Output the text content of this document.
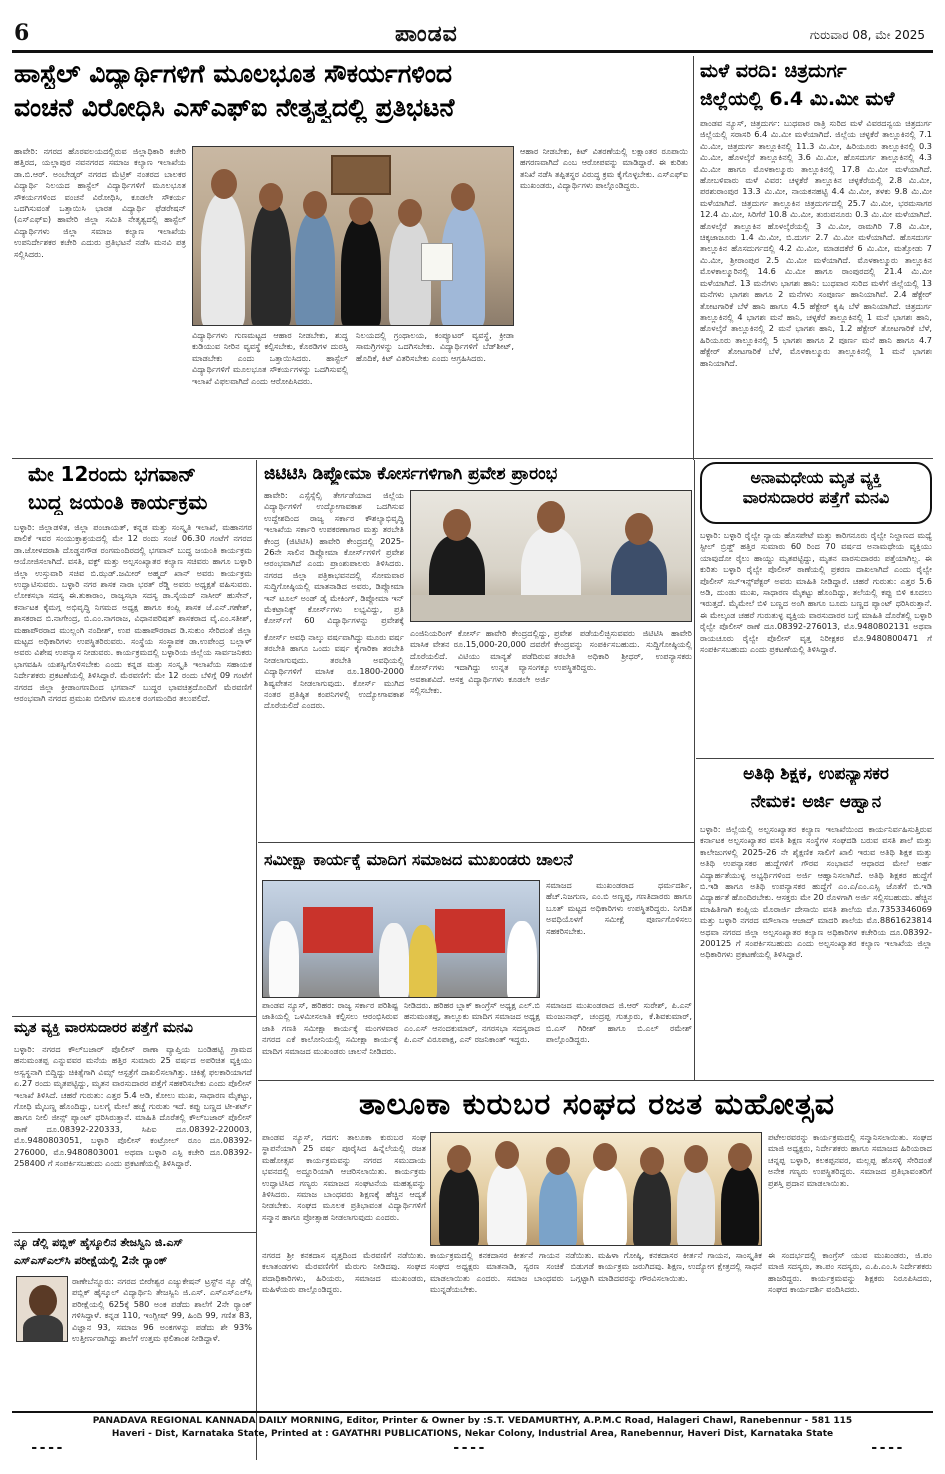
6	ಪಾಂಡವ	ಗುರುವಾರ 08, ಮೇ 2025
ಹಾಸ್ಟೆಲ್ ವಿದ್ಯಾರ್ಥಿಗಳಿಗೆ ಮೂಲಭೂತ ಸೌಕರ್ಯಗಳಿಂದ
ವಂಚನೆ ವಿರೋಧಿಸಿ ಎಸ್‌ಎಫ್‌ಐ ನೇತೃತ್ವದಲ್ಲಿ ಪ್ರತಿಭಟನೆ
ಹಾವೇರಿ: ನಗರದ ಹೊರವಲಯದಲ್ಲಿರುವ ಜಿಲ್ಲಾಧಿಕಾರಿ ಕಚೇರಿ ಹತ್ತಿರದ, ಯಲ್ಲಾಪುರ ನವನಗರದ ಸಮಾಜ ಕಲ್ಯಾಣ ಇಲಾಖೆಯ ಡಾ.ಬಿ.ಆರ್. ಅಂಬೇಡ್ಕರ್ ನಗರದ ಮೆಟ್ರಿಕ್ ನಂತರದ ಬಾಲಕರ ವಿದ್ಯಾರ್ಥಿ ನಿಲಯದ ಹಾಸ್ಟೆಲ್ ವಿದ್ಯಾರ್ಥಿಗಳಿಗೆ ಮೂಲಭೂತ ಸೌಕರ್ಯಗಳಿಂದ ವಂಚನೆ ವಿರೋಧಿಸಿ, ಕೂಡಲೇ ಸೌಕರ್ಯ ಒದಗಿಸುವಂತೆ ಒತ್ತಾಯಿಸಿ ಭಾರತ ವಿದ್ಯಾರ್ಥಿ ಫೆಡರೇಷನ್ (ಎಸ್‌ಎಫ್‌ಐ) ಹಾವೇರಿ ಜಿಲ್ಲಾ ಸಮಿತಿ ನೇತೃತ್ವದಲ್ಲಿ ಹಾಸ್ಟೆಲ್ ವಿದ್ಯಾರ್ಥಿಗಳು ಜಿಲ್ಲಾ ಸಮಾಜ ಕಲ್ಯಾಣ ಇಲಾಖೆಯ ಉಪನಿರ್ದೇಶಕರ ಕಚೇರಿ ಎದುರು ಪ್ರತಿಭಟನೆ ನಡೆಸಿ ಮನವಿ ಪತ್ರ ಸಲ್ಲಿಸಿದರು.
ಆಹಾರ ನೀಡಬೇಕು, ಕಿಟ್ ವಿತರಣೆಯಲ್ಲಿ ಲಕ್ಷಾಂತರ ರೂಪಾಯಿ ಹಗರಣವಾಗಿದೆ ಎಂಬ ಆರೋಪವನ್ನು ಮಾಡಿದ್ದಾರೆ. ಈ ಕುರಿತು ತನಿಖೆ ನಡೆಸಿ ತಪ್ಪಿತಸ್ಥರ ವಿರುದ್ಧ ಕ್ರಮ ಕೈಗೊಳ್ಳಬೇಕು. ಎಸ್‌ಎಫ್‌ಐ ಮುಖಂಡರು, ವಿದ್ಯಾರ್ಥಿಗಳು ಪಾಲ್ಗೊಂಡಿದ್ದರು.
ವಿದ್ಯಾರ್ಥಿಗಳು ಗುಣಮಟ್ಟದ ಆಹಾರ ನೀಡಬೇಕು, ಶುದ್ಧ ಕುಡಿಯುವ ನೀರಿನ ವ್ಯವಸ್ಥೆ ಕಲ್ಪಿಸಬೇಕು, ಕೊಠಡಿಗಳ ದುರಸ್ತಿ ಮಾಡಬೇಕು ಎಂದು ಒತ್ತಾಯಿಸಿದರು. ಹಾಸ್ಟೆಲ್ ವಿದ್ಯಾರ್ಥಿಗಳಿಗೆ ಮೂಲಭೂತ ಸೌಕರ್ಯಗಳನ್ನು ಒದಗಿಸುವಲ್ಲಿ ಇಲಾಖೆ ವಿಫಲವಾಗಿದೆ ಎಂದು ಆರೋಪಿಸಿದರು.
ನಿಲಯದಲ್ಲಿ ಗ್ರಂಥಾಲಯ, ಕಂಪ್ಯೂಟರ್ ವ್ಯವಸ್ಥೆ, ಕ್ರೀಡಾ ಸಾಮಗ್ರಿಗಳನ್ನು ಒದಗಿಸಬೇಕು. ವಿದ್ಯಾರ್ಥಿಗಳಿಗೆ ಬೆಡ್‌ಶೀಟ್, ಹೊದಿಕೆ, ಕಿಟ್ ವಿತರಿಸಬೇಕು ಎಂದು ಆಗ್ರಹಿಸಿದರು.
ಮಳೆ ವರದಿ: ಚಿತ್ರದುರ್ಗ
ಜಿಲ್ಲೆಯಲ್ಲಿ 6.4 ಮಿ.ಮೀ ಮಳೆ
ಪಾಂಡವ ನ್ಯೂಸ್, ಚಿತ್ರದುರ್ಗ: ಬುಧವಾರ ರಾತ್ರಿ ಸುರಿದ ಮಳೆ ವಿವರದನ್ವಯ ಚಿತ್ರದುರ್ಗ ಜಿಲ್ಲೆಯಲ್ಲಿ ಸರಾಸರಿ 6.4 ಮಿ.ಮೀ ಮಳೆಯಾಗಿದೆ. ಜಿಲ್ಲೆಯ ಚಳ್ಳಕೆರೆ ತಾಲ್ಲೂಕಿನಲ್ಲಿ 7.1 ಮಿ.ಮೀ, ಚಿತ್ರದುರ್ಗ ತಾಲ್ಲೂಕಿನಲ್ಲಿ 11.3 ಮಿ.ಮೀ, ಹಿರಿಯೂರು ತಾಲ್ಲೂಕಿನಲ್ಲಿ 0.3 ಮಿ.ಮೀ, ಹೊಳಲ್ಕೆರೆ ತಾಲ್ಲೂಕಿನಲ್ಲಿ 3.6 ಮಿ.ಮೀ, ಹೊಸದುರ್ಗ ತಾಲ್ಲೂಕಿನಲ್ಲಿ 4.3 ಮಿ.ಮೀ ಹಾಗೂ ಮೊಳಕಾಲ್ಮೂರು ತಾಲ್ಲೂಕಿನಲ್ಲಿ 17.8 ಮಿ.ಮೀ ಮಳೆಯಾಗಿದೆ. ಹೋಬಳಿವಾರು ಮಳೆ ವಿವರ: ಚಳ್ಳಕೆರೆ ತಾಲ್ಲೂಕಿನ ಚಳ್ಳಕೆರೆಯಲ್ಲಿ 2.8 ಮಿ.ಮೀ, ಪರಶುರಾಂಪುರ 13.3 ಮಿ.ಮೀ, ನಾಯಕನಹಟ್ಟಿ 4.4 ಮಿ.ಮೀ, ತಳಕು 9.8 ಮಿ.ಮೀ ಮಳೆಯಾಗಿದೆ. ಚಿತ್ರದುರ್ಗ ತಾಲ್ಲೂಕಿನ ಚಿತ್ರದುರ್ಗದಲ್ಲಿ 25.7 ಮಿ.ಮೀ, ಭರಮಸಾಗರ 12.4 ಮಿ.ಮೀ, ಸಿರಿಗೆರೆ 10.8 ಮಿ.ಮೀ, ತುರುವನೂರು 0.3 ಮಿ.ಮೀ ಮಳೆಯಾಗಿದೆ. ಹೊಳಲ್ಕೆರೆ ತಾಲ್ಲೂಕಿನ ಹೊಳಲ್ಕೆರೆಯಲ್ಲಿ 3 ಮಿ.ಮೀ, ರಾಮಗಿರಿ 7.8 ಮಿ.ಮೀ, ಚಿಕ್ಕಜಾಜೂರು 1.4 ಮಿ.ಮೀ, ಬಿ.ದುರ್ಗ 2.7 ಮಿ.ಮೀ ಮಳೆಯಾಗಿದೆ. ಹೊಸದುರ್ಗ ತಾಲ್ಲೂಕಿನ ಹೊಸದುರ್ಗದಲ್ಲಿ 4.2 ಮಿ.ಮೀ, ಮಾಡದಕೆರೆ 6 ಮಿ.ಮೀ, ಮತ್ತೋಡು 7 ಮಿ.ಮೀ, ಶ್ರೀರಾಂಪುರ 2.5 ಮಿ.ಮೀ ಮಳೆಯಾಗಿದೆ. ಮೊಳಕಾಲ್ಮೂರು ತಾಲ್ಲೂಕಿನ ಮೊಳಕಾಲ್ಮೂರಿನಲ್ಲಿ 14.6 ಮಿ.ಮೀ ಹಾಗೂ ರಾಂಪುರದಲ್ಲಿ 21.4 ಮಿ.ಮೀ ಮಳೆಯಾಗಿದೆ. 13 ಮನೆಗಳು ಭಾಗಶಃ ಹಾನಿ: ಬುಧವಾರ ಸುರಿದ ಮಳೆಗೆ ಜಿಲ್ಲೆಯಲ್ಲಿ 13 ಮನೆಗಳು ಭಾಗಶಃ ಹಾಗೂ 2 ಮನೆಗಳು ಸಂಪೂರ್ಣ ಹಾನಿಯಾಗಿವೆ. 2.4 ಹೆಕ್ಟೇರ್ ತೋಟಗಾರಿಕೆ ಬೆಳೆ ಹಾನಿ ಹಾಗೂ 4.5 ಹೆಕ್ಟೇರ್ ಕೃಷಿ ಬೆಳೆ ಹಾನಿಯಾಗಿದೆ. ಚಿತ್ರದುರ್ಗ ತಾಲ್ಲೂಕಿನಲ್ಲಿ 4 ಭಾಗಶಃ ಮನೆ ಹಾನಿ, ಚಳ್ಳಕೆರೆ ತಾಲ್ಲೂಕಿನಲ್ಲಿ 1 ಮನೆ ಭಾಗಶಃ ಹಾನಿ, ಹೊಳಲ್ಕೆರೆ ತಾಲ್ಲೂಕಿನಲ್ಲಿ 2 ಮನೆ ಭಾಗಶಃ ಹಾನಿ, 1.2 ಹೆಕ್ಟೇರ್ ತೋಟಗಾರಿಕೆ ಬೆಳೆ, ಹಿರಿಯೂರು ತಾಲ್ಲೂಕಿನಲ್ಲಿ 5 ಭಾಗಶಃ ಹಾಗೂ 2 ಪೂರ್ಣ ಮನೆ ಹಾನಿ ಹಾಗೂ 4.7 ಹೆಕ್ಟೇರ್ ತೋಟಗಾರಿಕೆ ಬೆಳೆ, ಮೊಳಕಾಲ್ಮೂರು ತಾಲ್ಲೂಕಿನಲ್ಲಿ 1 ಮನೆ ಭಾಗಶಃ ಹಾನಿಯಾಗಿದೆ.
ಮೇ 12ರಂದು ಭಗವಾನ್
ಬುದ್ಧ ಜಯಂತಿ ಕಾರ್ಯಕ್ರಮ
ಬಳ್ಳಾರಿ: ಜಿಲ್ಲಾಡಳಿತ, ಜಿಲ್ಲಾ ಪಂಚಾಯತ್, ಕನ್ನಡ ಮತ್ತು ಸಂಸ್ಕೃತಿ ಇಲಾಖೆ, ಮಹಾನಗರ ಪಾಲಿಕೆ ಇವರ ಸಂಯುಕ್ತಾಶ್ರಯದಲ್ಲಿ ಮೇ 12 ರಂದು ಸಂಜೆ 06.30 ಗಂಟೆಗೆ ನಗರದ ಡಾ.ಜೋಳದರಾಶಿ ದೊಡ್ಡನಗೌಡ ರಂಗಮಂದಿರದಲ್ಲಿ ಭಗವಾನ್ ಬುದ್ಧ ಜಯಂತಿ ಕಾರ್ಯಕ್ರಮ ಆಯೋಜಿಸಲಾಗಿದೆ. ವಸತಿ, ವಕ್ಫ್ ಮತ್ತು ಅಲ್ಪಸಂಖ್ಯಾತರ ಕಲ್ಯಾಣ ಸಚಿವರು ಹಾಗೂ ಬಳ್ಳಾರಿ ಜಿಲ್ಲಾ ಉಸ್ತುವಾರಿ ಸಚಿವ ಬಿ.ಝಡ್.ಜಮೀರ್ ಅಹ್ಮದ್ ಖಾನ್ ಅವರು ಕಾರ್ಯಕ್ರಮ ಉದ್ಘಾಟಿಸುವರು. ಬಳ್ಳಾರಿ ನಗರ ಶಾಸಕ ನಾರಾ ಭರತ್ ರೆಡ್ಡಿ ಅವರು ಅಧ್ಯಕ್ಷತೆ ವಹಿಸುವರು. ಲೋಕಸಭಾ ಸದಸ್ಯ ಈ.ತುಕಾರಾಂ, ರಾಜ್ಯಸಭಾ ಸದಸ್ಯ ಡಾ.ಸೈಯದ್ ನಾಸೀರ್ ಹುಸೇನ್, ಕರ್ನಾಟಕ ಕೈಮಗ್ಗ ಅಭಿವೃದ್ಧಿ ನಿಗಮದ ಅಧ್ಯಕ್ಷ ಹಾಗೂ ಕಂಪ್ಲಿ ಶಾಸಕ ಜೆ.ಎನ್.ಗಣೇಶ್, ಶಾಸಕರಾದ ಬಿ.ನಾಗೇಂದ್ರ, ಬಿ.ಎಂ.ನಾಗರಾಜ, ವಿಧಾನಪರಿಷತ್ ಶಾಸಕರಾದ ವೈ.ಎಂ.ಸತೀಶ್, ಮಹಾಪೌರರಾದ ಮುಲ್ಲಂಗಿ ನಂದೀಶ್, ಉಪ ಮಹಾಪೌರರಾದ ಡಿ.ಸುಕುಂ ಸೇರಿದಂತೆ ಜಿಲ್ಲಾ ಮಟ್ಟದ ಅಧಿಕಾರಿಗಳು ಉಪಸ್ಥಿತರಿರುವರು. ಸಂಸ್ಥೆಯ ಸಂಸ್ಥಾಪಕ ಡಾ.ಉಪೇಂದ್ರ ಬಲ್ಲಾಳ್ ಅವರು ವಿಶೇಷ ಉಪನ್ಯಾಸ ನೀಡುವರು. ಕಾರ್ಯಕ್ರಮದಲ್ಲಿ ಬಳ್ಳಾರಿಯ ಜಿಲ್ಲೆಯ ಸಾರ್ವಜನಿಕರು ಭಾಗವಹಿಸಿ ಯಶಸ್ವಿಗೊಳಿಸಬೇಕು ಎಂದು ಕನ್ನಡ ಮತ್ತು ಸಂಸ್ಕೃತಿ ಇಲಾಖೆಯ ಸಹಾಯಕ ನಿರ್ದೇಶಕರು ಪ್ರಕಟಣೆಯಲ್ಲಿ ತಿಳಿಸಿದ್ದಾರೆ. ಮೆರವಣಿಗೆ: ಮೇ 12 ರಂದು ಬೆಳಿಗ್ಗೆ 09 ಗಂಟೆಗೆ ನಗರದ ಜಿಲ್ಲಾ ಕ್ರೀಡಾಂಗಣದಿಂದ ಭಗವಾನ್ ಬುದ್ಧರ ಭಾವಚಿತ್ರದೊಂದಿಗೆ ಮೆರವಣಿಗೆ ಆರಂಭವಾಗಿ ನಗರದ ಪ್ರಮುಖ ಬೀದಿಗಳ ಮೂಲಕ ರಂಗಮಂದಿರ ತಲುಪಲಿದೆ.
ಜಿಟಿಟಿಸಿ ಡಿಪ್ಲೋಮಾ ಕೋರ್ಸಗಳಿಗಾಗಿ ಪ್ರವೇಶ ಪ್ರಾರಂಭ
ಹಾವೇರಿ: ಎಸ್ಸೆಸ್ಸೆಲ್ಸಿ ತೇರ್ಗಡೆಯಾದ ಜಿಲ್ಲೆಯ ವಿದ್ಯಾರ್ಥಿಗಳಿಗೆ ಉದ್ಯೋಗಾವಕಾಶ ಒದಗಿಸುವ ಉದ್ದೇಶದಿಂದ ರಾಜ್ಯ ಸರ್ಕಾರ ಕೌಶಲ್ಯಾಭಿವೃದ್ಧಿ ಇಲಾಖೆಯ ಸರ್ಕಾರಿ ಉಪಕರಣಾಗಾರ ಮತ್ತು ತರಬೇತಿ ಕೇಂದ್ರ (ಜಿಟಿಟಿಸಿ) ಹಾವೇರಿ ಕೇಂದ್ರದಲ್ಲಿ 2025-26ನೇ ಸಾಲಿನ ಡಿಪ್ಲೋಮಾ ಕೋರ್ಸ್‌ಗಳಿಗೆ ಪ್ರವೇಶ ಆರಂಭವಾಗಿದೆ ಎಂದು ಪ್ರಾಂಶುಪಾಲರು ತಿಳಿಸಿದರು. ನಗರದ ಜಿಲ್ಲಾ ಪತ್ರಿಕಾಭವನದಲ್ಲಿ ಸೋಮವಾರ ಸುದ್ದಿಗೋಷ್ಠಿಯಲ್ಲಿ ಮಾತನಾಡಿದ ಅವರು, ಡಿಪ್ಲೋಮಾ ಇನ್ ಟೂಲ್ ಅಂಡ್ ಡೈ ಮೇಕಿಂಗ್, ಡಿಪ್ಲೋಮಾ ಇನ್ ಮೆಕಟ್ರಾನಿಕ್ಸ್ ಕೋರ್ಸ್‌ಗಳು ಲಭ್ಯವಿದ್ದು, ಪ್ರತಿ ಕೋರ್ಸ್‌ಗೆ 60 ವಿದ್ಯಾರ್ಥಿಗಳನ್ನು ಪ್ರವೇಶಕ್ಕೆ
ಎಂಜಿನಿಯರಿಂಗ್ ಕೋರ್ಸ್ ಹಾವೇರಿ ಕೇಂದ್ರದಲ್ಲಿದ್ದು, ಮಾಸಿಕ ವೇತನ ರೂ.15,000-20,000 ದವರೆಗೆ ದೊರೆಯಲಿದೆ. ವಿಟಿಯು ಮಾನ್ಯತೆ ಪಡೆದಿರುವ ಕೋರ್ಸ್‌ಗಳು ಇದಾಗಿದ್ದು ಉನ್ನತ ವ್ಯಾಸಂಗಕ್ಕೂ ಅವಕಾಶವಿದೆ. ಆಸಕ್ತ ವಿದ್ಯಾರ್ಥಿಗಳು ಕೂಡಲೇ ಅರ್ಜಿ ಸಲ್ಲಿಸಬೇಕು.
ಪ್ರವೇಶ ಪಡೆಯಲಿಚ್ಛಿಸುವವರು ಜಿಟಿಟಿಸಿ ಹಾವೇರಿ ಕೇಂದ್ರವನ್ನು ಸಂಪರ್ಕಿಸಬಹುದು. ಸುದ್ದಿಗೋಷ್ಠಿಯಲ್ಲಿ ತರಬೇತಿ ಅಧಿಕಾರಿ ಶ್ರೀಧರ್, ಉಪನ್ಯಾಸಕರು ಉಪಸ್ಥಿತರಿದ್ದರು.
ಕೋರ್ಸ್ ಅವಧಿ ನಾಲ್ಕು ವರ್ಷವಾಗಿದ್ದು ಮೂರು ವರ್ಷ ತರಬೇತಿ ಹಾಗೂ ಒಂದು ವರ್ಷ ಕೈಗಾರಿಕಾ ತರಬೇತಿ ನೀಡಲಾಗುವುದು. ತರಬೇತಿ ಅವಧಿಯಲ್ಲಿ ವಿದ್ಯಾರ್ಥಿಗಳಿಗೆ ಮಾಸಿಕ ರೂ.1800-2000 ಶಿಷ್ಯವೇತನ ನೀಡಲಾಗುವುದು. ಕೋರ್ಸ್ ಮುಗಿದ ನಂತರ ಪ್ರತಿಷ್ಠಿತ ಕಂಪನಿಗಳಲ್ಲಿ ಉದ್ಯೋಗಾವಕಾಶ ದೊರೆಯಲಿದೆ ಎಂದರು.
ಅನಾಮಧೇಯ ಮೃತ ವ್ಯಕ್ತಿ
ವಾರಸುದಾರರ ಪತ್ತೆಗೆ ಮನವಿ
ಬಳ್ಳಾರಿ: ಬಳ್ಳಾರಿ ರೈಲ್ವೇ ನ್ಯಾಯ ಹೊಸಪೇಟೆ ಮತ್ತು ಕಾರಿಗನೂರು ರೈಲ್ವೇ ನಿಲ್ದಾಣದ ಮಧ್ಯೆ ಸ್ಟೀಲ್ ಬ್ರಿಡ್ಜ್ ಹತ್ತಿರ ಸುಮಾರು 60 ರಿಂದ 70 ವರ್ಷದ ಅನಾಮಧೇಯ ವ್ಯಕ್ತಿಯು ಯಾವುದೋ ರೈಲು ಹಾಯ್ದು ಮೃತಪಟ್ಟಿದ್ದು, ಮೃತನ ವಾರಸುದಾರರು ಪತ್ತೆಯಾಗಿಲ್ಲ. ಈ ಕುರಿತು ಬಳ್ಳಾರಿ ರೈಲ್ವೇ ಪೊಲೀಸ್ ಠಾಣೆಯಲ್ಲಿ ಪ್ರಕರಣ ದಾಖಲಾಗಿದೆ ಎಂದು ರೈಲ್ವೇ ಪೊಲೀಸ್ ಸಬ್‌ಇನ್ಸ್‌ಪೆಕ್ಟರ್ ಅವರು ಮಾಹಿತಿ ನೀಡಿದ್ದಾರೆ. ಚಹರೆ ಗುರುತು: ಎತ್ತರ 5.6 ಅಡಿ, ದುಂಡು ಮುಖ, ಸಾಧಾರಣ ಮೈಕಟ್ಟು ಹೊಂದಿದ್ದು, ತಲೆಯಲ್ಲಿ ಕಪ್ಪು ಬಿಳಿ ಕೂದಲು ಇರುತ್ತದೆ. ಮೈಮೇಲೆ ಬಿಳಿ ಬಣ್ಣದ ಅಂಗಿ ಹಾಗೂ ಬೂದು ಬಣ್ಣದ ಪ್ಯಾಂಟ್ ಧರಿಸಿರುತ್ತಾನೆ. ಈ ಮೇಲ್ಕಂಡ ಚಹರೆ ಗುರುತುಳ್ಳ ವ್ಯಕ್ತಿಯ ವಾರಸುದಾರರ ಬಗ್ಗೆ ಮಾಹಿತಿ ದೊರೆತಲ್ಲಿ ಬಳ್ಳಾರಿ ರೈಲ್ವೇ ಪೊಲೀಸ್ ಠಾಣೆ ದೂ.08392-276013, ಮೊ.9480802131 ಅಥವಾ ರಾಯಚೂರು ರೈಲ್ವೇ ಪೊಲೀಸ್ ವೃತ್ತ ನಿರೀಕ್ಷಕರ ಮೊ.9480800471 ಗೆ ಸಂಪರ್ಕಿಸಬಹುದು ಎಂದು ಪ್ರಕಟಣೆಯಲ್ಲಿ ತಿಳಿಸಿದ್ದಾರೆ.
ಅತಿಥಿ ಶಿಕ್ಷಕ, ಉಪನ್ಯಾಸಕರ
ನೇಮಕ: ಅರ್ಜಿ ಆಹ್ವಾನ
ಬಳ್ಳಾರಿ: ಜಿಲ್ಲೆಯಲ್ಲಿ ಅಲ್ಪಸಂಖ್ಯಾತರ ಕಲ್ಯಾಣ ಇಲಾಖೆಯಿಂದ ಕಾರ್ಯನಿರ್ವಹಿಸುತ್ತಿರುವ ಕರ್ನಾಟಕ ಅಲ್ಪಸಂಖ್ಯಾತರ ವಸತಿ ಶಿಕ್ಷಣ ಸಂಸ್ಥೆಗಳ ಸಂಘದಡಿ ಬರುವ ವಸತಿ ಶಾಲೆ ಮತ್ತು ಕಾಲೇಜುಗಳಲ್ಲಿ 2025-26 ನೇ ಶೈಕ್ಷಣಿಕ ಸಾಲಿಗೆ ಖಾಲಿ ಇರುವ ಅತಿಥಿ ಶಿಕ್ಷಕ ಮತ್ತು ಅತಿಥಿ ಉಪನ್ಯಾಸಕರ ಹುದ್ದೆಗಳಿಗೆ ಗೌರವ ಸಂಭಾವನೆ ಆಧಾರದ ಮೇಲೆ ಅರ್ಹ ವಿದ್ಯಾರ್ಹತೆಯುಳ್ಳ ಅಭ್ಯರ್ಥಿಗಳಿಂದ ಅರ್ಜಿ ಆಹ್ವಾನಿಸಲಾಗಿದೆ. ಅತಿಥಿ ಶಿಕ್ಷಕರ ಹುದ್ದೆಗೆ ಬಿ.ಇಡಿ ಹಾಗೂ ಅತಿಥಿ ಉಪನ್ಯಾಸಕರ ಹುದ್ದೆಗೆ ಎಂ.ಎ/ಎಂ.ಎಸ್ಸಿ ಜೊತೆಗೆ ಬಿ.ಇಡಿ ವಿದ್ಯಾರ್ಹತೆ ಹೊಂದಿರಬೇಕು. ಆಸಕ್ತರು ಮೇ 20 ರೊಳಗಾಗಿ ಅರ್ಜಿ ಸಲ್ಲಿಸಬಹುದು. ಹೆಚ್ಚಿನ ಮಾಹಿತಿಗಾಗಿ ಕಂಪ್ಲಿಯ ಮೊರಾರ್ಜಿ ದೇಸಾಯಿ ವಸತಿ ಶಾಲೆಯ ಮೊ.7353346069 ಮತ್ತು ಬಳ್ಳಾರಿ ನಗರದ ಮೌಲಾನಾ ಆಜಾದ್ ಮಾದರಿ ಶಾಲೆಯ ಮೊ.8861623814 ಅಥವಾ ನಗರದ ಜಿಲ್ಲಾ ಅಲ್ಪಸಂಖ್ಯಾತರ ಕಲ್ಯಾಣ ಅಧಿಕಾರಿಗಳ ಕಚೇರಿಯ ದೂ.08392-200125 ಗೆ ಸಂಪರ್ಕಿಸಬಹುದು ಎಂದು ಅಲ್ಪಸಂಖ್ಯಾತರ ಕಲ್ಯಾಣ ಇಲಾಖೆಯ ಜಿಲ್ಲಾ ಅಧಿಕಾರಿಗಳು ಪ್ರಕಟಣೆಯಲ್ಲಿ ತಿಳಿಸಿದ್ದಾರೆ.
ಸಮೀಕ್ಷಾ ಕಾರ್ಯಕ್ಕೆ ಮಾದಿಗ ಸಮಾಜದ ಮುಖಂಡರು ಚಾಲನೆ
ಸಮಾಜದ ಮುಖಂಡರಾದ ಧರ್ಮದರ್ಶಿ, ಹೆಚ್.ನಿಜಗುಣ, ಎಂ.ಬಿ ಅಣ್ಣಪ್ಪ, ಗಣತಿದಾರರು ಹಾಗೂ ಬೂತ್ ಮಟ್ಟದ ಅಧಿಕಾರಿಗಳು ಉಪಸ್ಥಿತರಿದ್ದರು. ನಿಗದಿತ ಅವಧಿಯೊಳಗೆ ಸಮೀಕ್ಷೆ ಪೂರ್ಣಗೊಳಿಸಲು ಸಹಕರಿಸಬೇಕು.
ಪಾಂಡವ ನ್ಯೂಸ್, ಹರಿಹರ: ರಾಜ್ಯ ಸರ್ಕಾರ ಪರಿಶಿಷ್ಟ ಜಾತಿಯಲ್ಲಿ ಒಳಮೀಸಲಾತಿ ಕಲ್ಪಿಸಲು ಆರಂಭಿಸಿರುವ ಜಾತಿ ಗಣತಿ ಸಮೀಕ್ಷಾ ಕಾರ್ಯಕ್ಕೆ ಮಂಗಳವಾರ ನಗರದ ಎಕೆ ಕಾಲೋನಿಯಲ್ಲಿ ಸಮೀಕ್ಷಾ ಕಾರ್ಯಕ್ಕೆ ಮಾದಿಗ ಸಮಾಜದ ಮುಖಂಡರು ಚಾಲನೆ ನೀಡಿದರು.
ನೀಡಿದರು. ಹರಿಹರ ಬ್ಲಾಕ್ ಕಾಂಗ್ರೆಸ್ ಅಧ್ಯಕ್ಷ ಎಲ್.ಬಿ ಹನುಮಂತಪ್ಪ, ತಾಲ್ಲೂಕು ಮಾದಿಗ ಸಮಾಜದ ಅಧ್ಯಕ್ಷ ಎಂ.ಎಸ್ ಆನಂದಕುಮಾರ್, ನಗರಸಭಾ ಸದಸ್ಯರಾದ ಪಿ.ಎನ್ ವಿರೂಪಾಕ್ಷ, ಎನ್ ರಜನಿಕಾಂತ್ ಇದ್ದರು.
ಸಮಾಜದ ಮುಖಂಡರಾದ ಜಿ.ಆರ್ ಸುರೇಶ್, ಪಿ.ಎನ್ ಮಂಜುನಾಥ್, ಚಂದ್ರಪ್ಪ ಗುತ್ತೂರು, ಕೆ.ಶಿವಕುಮಾರ್, ಬಿ.ಎಸ್ ಗಿರೀಶ್ ಹಾಗೂ ಬಿ.ಎಲ್ ರಮೇಶ್ ಪಾಲ್ಗೊಂಡಿದ್ದರು.
ಮೃತ ವ್ಯಕ್ತಿ ವಾರಸುದಾರರ ಪತ್ತೆಗೆ ಮನವಿ
ಬಳ್ಳಾರಿ: ನಗರದ ಕೌಲ್‌ಬಜಾರ್ ಪೊಲೀಸ್ ಠಾಣಾ ವ್ಯಾಪ್ತಿಯ ಬಂಡಿಹಟ್ಟಿ ಗ್ರಾಮದ ಹನುಮಂತಪ್ಪ ಎನ್ನುವವರ ಮನೆಯ ಹತ್ತಿರ ಸುಮಾರು 25 ವರ್ಷದ ಅಪರಿಚಿತ ವ್ಯಕ್ತಿಯು ಅಸ್ವಸ್ಥನಾಗಿ ಬಿದ್ದಿದ್ದು ಚಿಕಿತ್ಸೆಗಾಗಿ ವಿಮ್ಸ್ ಆಸ್ಪತ್ರೆಗೆ ದಾಖಲಿಸಲಾಗಿತ್ತು. ಚಿಕಿತ್ಸೆ ಫಲಕಾರಿಯಾಗದೆ ಏ.27 ರಂದು ಮೃತಪಟ್ಟಿದ್ದು, ಮೃತನ ವಾರಸುದಾರರ ಪತ್ತೆಗೆ ಸಹಕರಿಸಬೇಕು ಎಂದು ಪೊಲೀಸ್ ಇಲಾಖೆ ತಿಳಿಸಿದೆ. ಚಹರೆ ಗುರುತು: ಎತ್ತರ 5.4 ಅಡಿ, ಕೋಲು ಮುಖ, ಸಾಧಾರಣ ಮೈಕಟ್ಟು, ಗೋಧಿ ಮೈಬಣ್ಣ ಹೊಂದಿದ್ದು, ಬಲಗೈ ಮೇಲೆ ಹಚ್ಚೆ ಗುರುತು ಇದೆ. ಕಪ್ಪು ಬಣ್ಣದ ಟೀ-ಶರ್ಟ್ ಹಾಗೂ ನೀಲಿ ಜೀನ್ಸ್ ಪ್ಯಾಂಟ್ ಧರಿಸಿರುತ್ತಾನೆ. ಮಾಹಿತಿ ದೊರೆತಲ್ಲಿ ಕೌಲ್‌ಬಜಾರ್ ಪೊಲೀಸ್ ಠಾಣೆ ದೂ.08392-220333, ಸಿಪಿಐ ದೂ.08392-220003, ಮೊ.9480803051, ಬಳ್ಳಾರಿ ಪೊಲೀಸ್ ಕಂಟ್ರೋಲ್ ರೂಂ ದೂ.08392-276000, ಮೊ.9480803001 ಅಥವಾ ಬಳ್ಳಾರಿ ಎಸ್ಪಿ ಕಚೇರಿ ದೂ.08392-258400 ಗೆ ಸಂಪರ್ಕಿಸಬಹುದು ಎಂದು ಪ್ರಕಟಣೆಯಲ್ಲಿ ತಿಳಿಸಿದ್ದಾರೆ.
ನ್ಯೂ ಡೆಲ್ಲಿ ಪಬ್ಲಿಕ್ ಹೈಸ್ಕೂಲಿನ ತೇಜಸ್ವಿನಿ ಜಿ.ಎಸ್
ಎಸ್ಎಸ್ಎಲ್‌ಸಿ ಪರೀಕ್ಷೆಯಲ್ಲಿ 2ನೇ ರ‍್ಯಾಂಕ್
ರಾಣೇಬೆನ್ನೂರು: ನಗರದ ಬೀರೇಶ್ವರ ಎಜ್ಯುಕೇಷನ್ ಟ್ರಸ್ಟ್‌ನ ನ್ಯೂ ಡೆಲ್ಲಿ ಪಬ್ಲಿಕ್ ಹೈಸ್ಕೂಲ್ ವಿದ್ಯಾರ್ಥಿನಿ ತೇಜಸ್ವಿನಿ ಜಿ.ಎಸ್. ಎಸ್ಎಸ್ಎಲ್‌ಸಿ ಪರೀಕ್ಷೆಯಲ್ಲಿ 625ಕ್ಕೆ 580 ಅಂಕ ಪಡೆದು ಶಾಲೆಗೆ 2ನೇ ರ‍್ಯಾಂಕ್ ಗಳಿಸಿದ್ದಾಳೆ. ಕನ್ನಡ 110, ಇಂಗ್ಲೀಷ್ 99, ಹಿಂದಿ 99, ಗಣಿತ 83, ವಿಜ್ಞಾನ 93, ಸಮಾಜ 96 ಅಂಕಗಳನ್ನು ಪಡೆದು ಶೇ 93% ಉತ್ತೀರ್ಣರಾಗಿದ್ದು ಶಾಲೆಗೆ ಉತ್ತಮ ಫಲಿತಾಂಶ ನೀಡಿದ್ದಾಳೆ.
ತಾಲೂಕಾ ಕುರುಬರ ಸಂಘದ ರಜತ ಮಹೋತ್ಸವ
ಪಾಂಡವ ನ್ಯೂಸ್, ಗದಗ: ತಾಲೂಕಾ ಕುರುಬರ ಸಂಘ ಸ್ಥಾಪನೆಯಾಗಿ 25 ವರ್ಷ ಪೂರೈಸಿದ ಹಿನ್ನೆಲೆಯಲ್ಲಿ ರಜತ ಮಹೋತ್ಸವ ಕಾರ್ಯಕ್ರಮವನ್ನು ನಗರದ ಸಮುದಾಯ ಭವನದಲ್ಲಿ ಅದ್ದೂರಿಯಾಗಿ ಆಚರಿಸಲಾಯಿತು. ಕಾರ್ಯಕ್ರಮ ಉದ್ಘಾಟಿಸಿದ ಗಣ್ಯರು ಸಮಾಜದ ಸಂಘಟನೆಯ ಮಹತ್ವವನ್ನು ತಿಳಿಸಿದರು. ಸಮಾಜ ಬಾಂಧವರು ಶಿಕ್ಷಣಕ್ಕೆ ಹೆಚ್ಚಿನ ಆದ್ಯತೆ ನೀಡಬೇಕು. ಸಂಘದ ಮೂಲಕ ಪ್ರತಿಭಾವಂತ ವಿದ್ಯಾರ್ಥಿಗಳಿಗೆ ಸನ್ಮಾನ ಹಾಗೂ ಪ್ರೋತ್ಸಾಹ ನೀಡಲಾಗುವುದು ಎಂದರು.
ಪಟೇಲರವರನ್ನು ಕಾರ್ಯಕ್ರಮದಲ್ಲಿ ಸನ್ಮಾನಿಸಲಾಯಿತು. ಸಂಘದ ಮಾಜಿ ಅಧ್ಯಕ್ಷರು, ನಿರ್ದೇಶಕರು ಹಾಗೂ ಸಮಾಜದ ಹಿರಿಯರಾದ ಚನ್ನಪ್ಪ ಬಳ್ಳಾರಿ, ಕಲಕಪ್ಪನವರ, ಮಲ್ಲಪ್ಪ ಹೊಸಳ್ಳಿ ಸೇರಿದಂತೆ ಅನೇಕ ಗಣ್ಯರು ಉಪಸ್ಥಿತರಿದ್ದರು. ಸಮಾಜದ ಪ್ರತಿಭಾವಂತರಿಗೆ ಪ್ರಶಸ್ತಿ ಪ್ರದಾನ ಮಾಡಲಾಯಿತು.
ನಗರದ ಶ್ರೀ ಕನಕದಾಸ ವೃತ್ತದಿಂದ ಮೆರವಣಿಗೆ ನಡೆಯಿತು. ಕಲಾತಂಡಗಳು ಮೆರವಣಿಗೆಗೆ ಮೆರುಗು ನೀಡಿದವು. ಸಂಘದ ಪದಾಧಿಕಾರಿಗಳು, ಹಿರಿಯರು, ಸಮಾಜದ ಮುಖಂಡರು, ಮಹಿಳೆಯರು ಪಾಲ್ಗೊಂಡಿದ್ದರು.
ಕಾರ್ಯಕ್ರಮದಲ್ಲಿ ಕನಕದಾಸರ ಕೀರ್ತನೆ ಗಾಯನ ನಡೆಯಿತು. ಸಂಘದ ಅಧ್ಯಕ್ಷರು ಮಾತನಾಡಿ, ಸ್ವರಣ ಸಂಚಿಕೆ ಬಿಡುಗಡೆ ಮಾಡಲಾಯಿತು ಎಂದರು. ಸಮಾಜ ಬಾಂಧವರು ಒಗ್ಗಟ್ಟಾಗಿ ಮುನ್ನಡೆಯಬೇಕು.
ಮಹಿಳಾ ಗೋಷ್ಠಿ, ಕನಕದಾಸರ ಕೀರ್ತನೆ ಗಾಯನ, ಸಾಂಸ್ಕೃತಿಕ ಕಾರ್ಯಕ್ರಮ ಜರುಗಿದವು. ಶಿಕ್ಷಣ, ಉದ್ಯೋಗ ಕ್ಷೇತ್ರದಲ್ಲಿ ಸಾಧನೆ ಮಾಡಿದವರನ್ನು ಗೌರವಿಸಲಾಯಿತು.
ಈ ಸಂದರ್ಭದಲ್ಲಿ ಕಾಂಗ್ರೆಸ್ ಯುವ ಮುಖಂಡರು, ಜಿ.ಪಂ ಮಾಜಿ ಸದಸ್ಯರು, ತಾ.ಪಂ ಸದಸ್ಯರು, ಎ.ಪಿ.ಎಂ.ಸಿ ನಿರ್ದೇಶಕರು ಹಾಜರಿದ್ದರು. ಕಾರ್ಯಕ್ರಮವನ್ನು ಶಿಕ್ಷಕರು ನಿರೂಪಿಸಿದರು, ಸಂಘದ ಕಾರ್ಯದರ್ಶಿ ವಂದಿಸಿದರು.
PANADAVA REGIONAL KANNADA DAILY MORNING, Editor, Printer & Owner by :S.T. VEDAMURTHY, A.P.M.C Road, Halageri Chawl, Ranebennur - 581 115
Haveri - Dist, Karnataka State, Printed at : GAYATHRI PUBLICATIONS, Nekar Colony, Industrial Area, Ranebennur, Haveri Dist, Karnataka State
----	----	----
